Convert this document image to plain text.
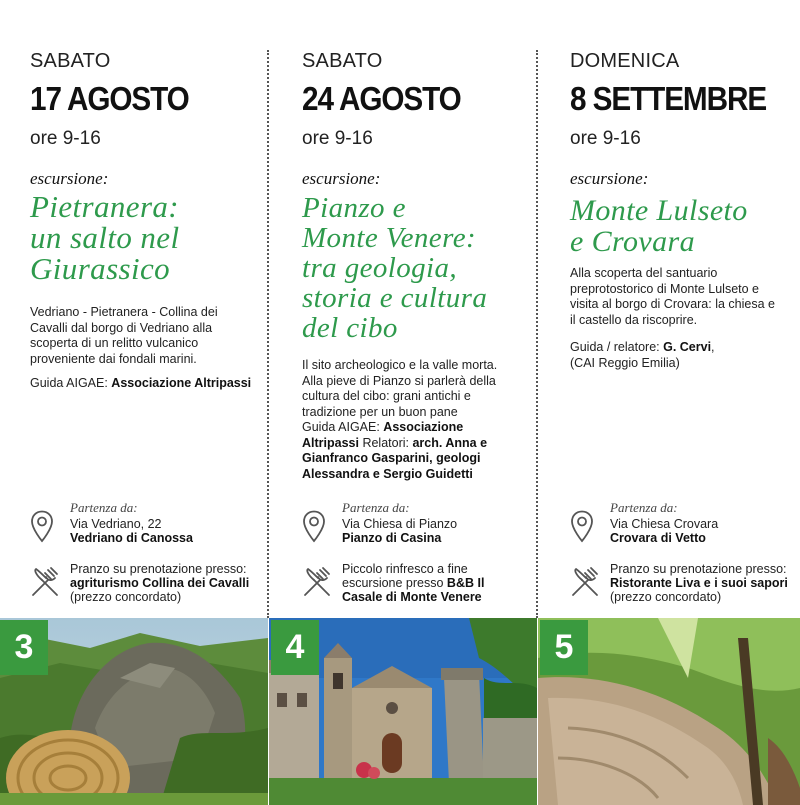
SABATO
17 AGOSTO
ore 9-16
escursione:
Pietranera:
un salto nel
Giurassico

Vedriano - Pietranera - Collina dei Cavalli dal borgo di Vedriano alla scoperta di un relitto vulcanico proveniente dai fondali marini.

Guida AIGAE: Associazione Altripassi

Partenza da:
Via Vedriano, 22
Vedriano di Canossa
Pranzo su prenotazione presso:
agriturismo Collina dei Cavalli
(prezzo concordato)
SABATO
24 AGOSTO
ore 9-16
escursione:
Pianzo e
Monte Venere:
tra geologia,
storia e cultura
del cibo

Il sito archeologico e la valle morta. Alla pieve di Pianzo si parlerà della cultura del cibo: grani antichi e tradizione per un buon pane
Guida AIGAE: Associazione Altripassi Relatori: arch. Anna e Gianfranco Gasparini, geologi Alessandra e Sergio Guidetti

Partenza da:
Via Chiesa di Pianzo
Pianzo di Casina
Piccolo rinfresco a fine escursione presso B&B Il Casale di Monte Venere
DOMENICA
8 SETTEMBRE
ore 9-16
escursione:
Monte Lulseto
e Crovara

Alla scoperta del santuario preprotostorico di Monte Lulseto e visita al borgo di Crovara: la chiesa e il castello da riscoprire.

Guida / relatore: G. Cervi,
(CAI Reggio Emilia)

Partenza da:
Via Chiesa Crovara
Crovara di Vetto
Pranzo su prenotazione presso:
Ristorante Liva e i suoi sapori
(prezzo concordato)
3	4	5
